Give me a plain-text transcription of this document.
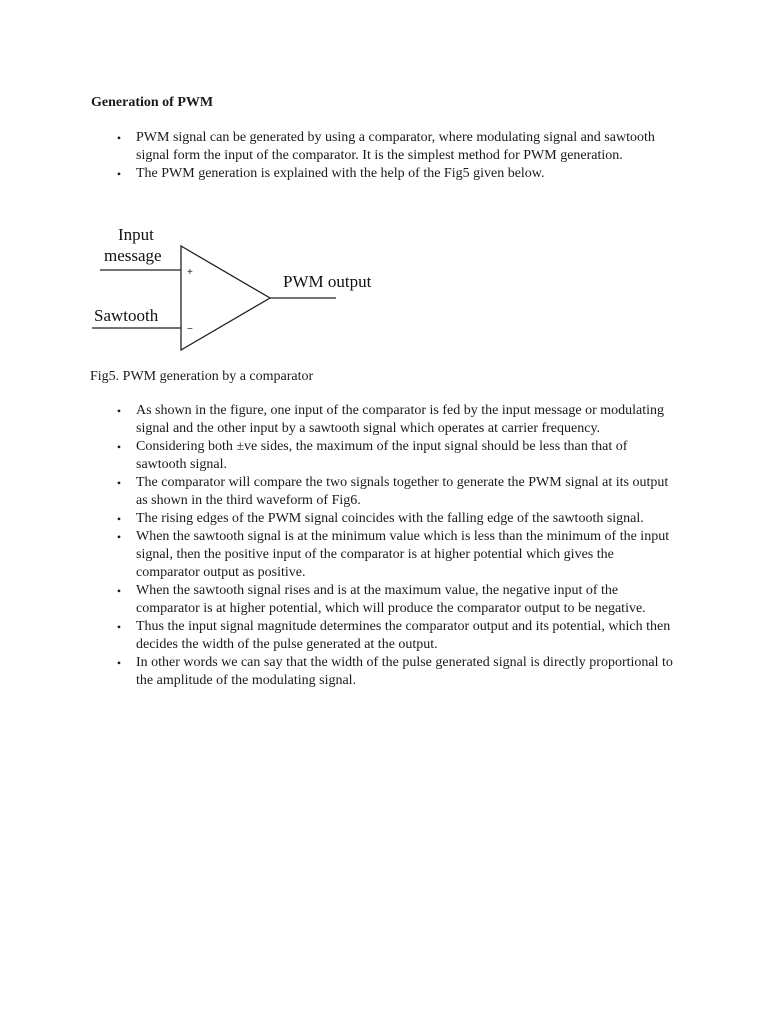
Generation of PWM
•	PWM signal can be generated by using a comparator, where modulating signal and sawtooth signal form the input of the comparator. It is the simplest method for PWM generation.
•	The PWM generation is explained with the help of the Fig5 given below.
Input
message
Sawtooth
PWM output
+
−
Fig5. PWM generation by a comparator
•	As shown in the figure, one input of the comparator is fed by the input message or modulating signal and the other input by a sawtooth signal which operates at carrier frequency.
•	Considering both ±ve sides, the maximum of the input signal should be less than that of sawtooth signal.
•	The comparator will compare the two signals together to generate the PWM signal at its output as shown in the third waveform of Fig6.
•	The rising edges of the PWM signal coincides with the falling edge of the sawtooth signal.
•	When the sawtooth signal is at the minimum value which is less than the minimum of the input signal, then the positive input of the comparator is at higher potential which gives the comparator output as positive.
•	When the sawtooth signal rises and is at the maximum value, the negative input of the comparator is at higher potential, which will produce the comparator output to be negative.
•	Thus the input signal magnitude determines the comparator output and its potential, which then decides the width of the pulse generated at the output.
•	In other words we can say that the width of the pulse generated signal is directly proportional to the amplitude of the modulating signal.
